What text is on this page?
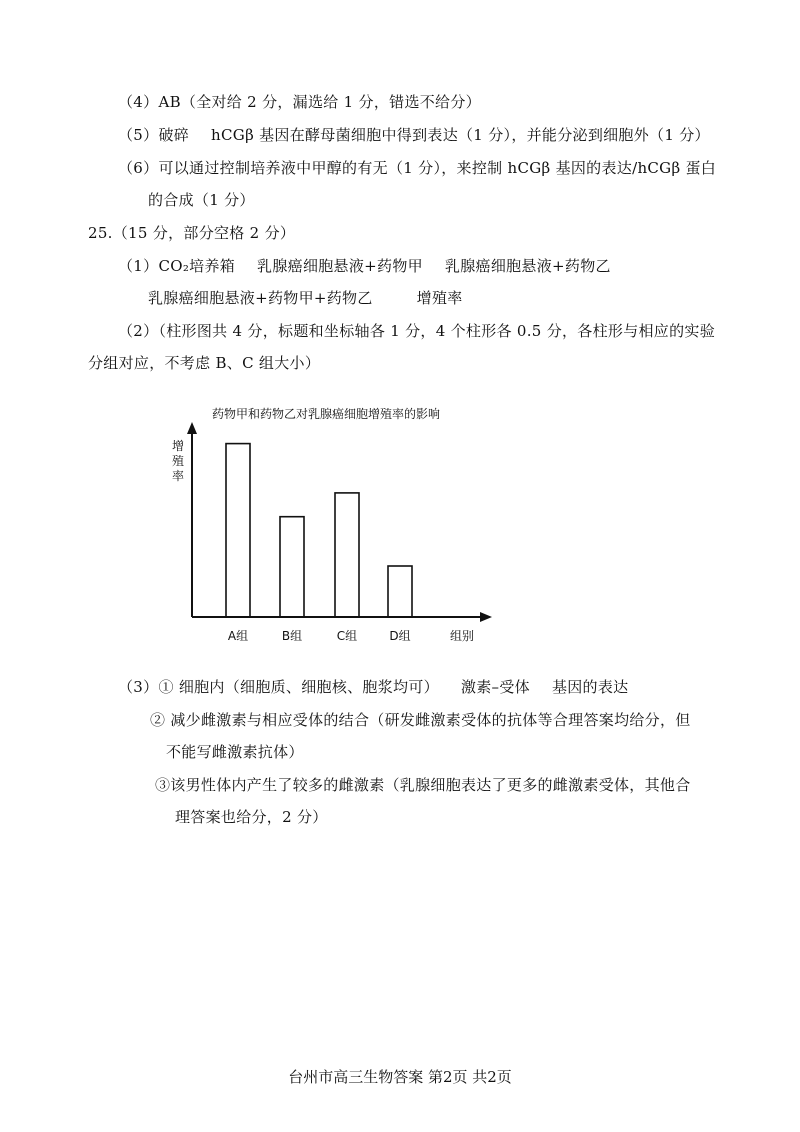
（4）AB（全对给 2 分，漏选给 1 分，错选不给分）
（5）破碎 hCGβ 基因在酵母菌细胞中得到表达（1 分），并能分泌到细胞外（1 分）
（6）可以通过控制培养液中甲醇的有无（1 分），来控制 hCGβ 基因的表达/hCGβ 蛋白
的合成（1 分）
25.（15 分，部分空格 2 分）
（1）CO₂培养箱 乳腺癌细胞悬液+药物甲 乳腺癌细胞悬液+药物乙
乳腺癌细胞悬液+药物甲+药物乙	增殖率
（2）（柱形图共 4 分，标题和坐标轴各 1 分，4 个柱形各 0.5 分，各柱形与相应的实验
分组对应，不考虑 B、C 组大小）
药物甲和药物乙对乳腺癌细胞增殖率的影响
增殖率
A组	B组	C组	D组	组别
（3）① 细胞内（细胞质、细胞核、胞浆均可） 激素–受体 基因的表达
② 减少雌激素与相应受体的结合（研发雌激素受体的抗体等合理答案均给分，但
不能写雌激素抗体）
③该男性体内产生了较多的雌激素（乳腺细胞表达了更多的雌激素受体，其他合
理答案也给分，2 分）
台州市高三生物答案 第2页 共2页
